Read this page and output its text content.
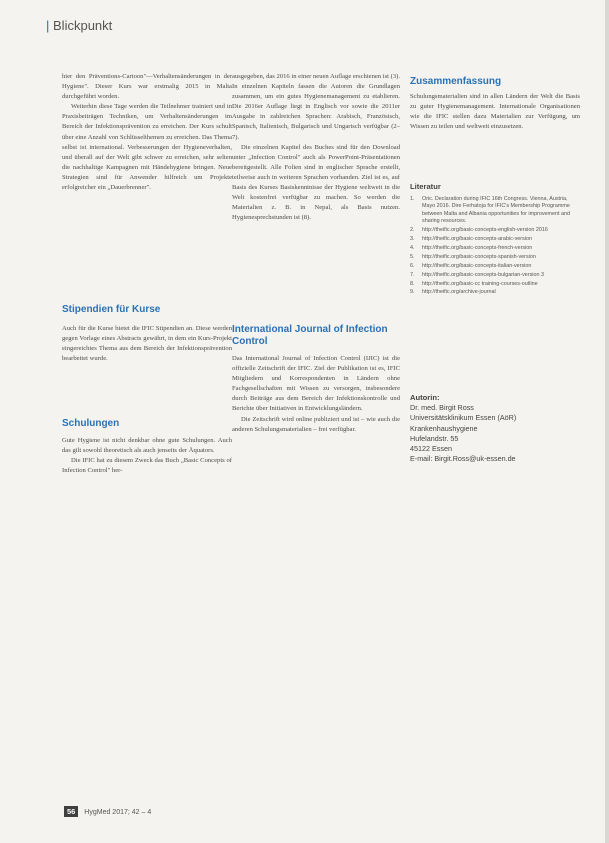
| Blickpunkt

hier den Präventions-Cartoon"—Verhaltensänderungen in der Hygiene". Dieser Kurs war erstmalig 2015 in Malta durchgeführt worden.

Weiterhin diese Tage werden die Teilnehmer trainiert und in Praxisbeiträgen Techniken, um Verhaltensänderungen im Bereich der Infektionsprävention zu erreichen. Der Kurs schult über eine Anzahl von Schlüsselthemen zu erreichen. Das Thema selbst ist international. Verbesserungen der Hygieneverhalten, und überall auf der Welt gibt schwer zu erreichen, sehr selten die nachhaltige Kampagnen mit Händehygiene bringen. Neue Strategien sind für Anwender hilfreich um Projekte erfolgreicher ein „Dauerbrenner".

Stipendien für Kurse

Auch für die Kurse bietet die IFIC Stipendien an. Diese werden gegen Vorlage eines Abstracts gewährt, in dem ein Kurs-Projekt eingereichtes Thema aus dem Bereich der Infektionsprävention bearbeitet wurde.

Schulungen

Gute Hygiene ist nicht denkbar ohne gute Schulungen. Auch das gilt sowohl theoretisch als auch jenseits der Äquators.

Die IFIC hat zu diesem Zweck das Buch „Basic Concepts of Infection Control" her-

ausgegeben, das 2016 in einer neuen Auflage erschienen ist (3). In einzelnen Kapiteln fassen die Autoren die Grundlagen zusammen, um ein gutes Hygienemanagement zu etablieren. Die 2016er Auflage liegt in Englisch vor sowie die 2011er Ausgabe in zahlreichen Sprachen: Arabisch, Französisch, Spanisch, Italienisch, Bulgarisch und Ungarisch verfügbar (2–7).

Die einzelnen Kapitel des Buches sind für den Download unter „Infection Control" auch als PowerPoint-Präsentationen bereitgestellt. Alle Folien sind in englischer Sprache erstellt, teilweise auch in weiteren Sprachen vorhanden. Ziel ist es, auf Basis des Kurses Basiskenntnisse der Hygiene weltweit in die Welt kostenfrei verfügbar zu machen. So werden die Materialien z. B. in Nepal, als Basis nutzen. Hygienesprechstunden ist (8).

International Journal of Infection Control

Das International Journal of Infection Control (IJIC) ist die offizielle Zeitschrift der IFIC. Ziel der Publikation ist es, IFIC Mitgliedern und Korrespondenten in Ländern ohne Fachgesellschaften mit Wissen zu versorgen, insbesondere durch Beiträge aus dem Bereich der Infektionskontrolle und Berichte über Initiativen in Entwicklungsländern.

Die Zeitschrift wird online publiziert und ist – wie auch die anderen Schulungsmaterialien – frei verfügbar.

Zusammenfassung

Schulungsmaterialien sind in allen Ländern der Welt die Basis zu guter Hygienemanagement. Internationale Organisationen wie die IFIC stellen dazu Materialien zur Verfügung, um Wissen zu teilen und weltweit einzusetzen.

Literatur
1. Oric. Declaration during IFIC 16th Congress. Vienna, Austria, Mayo 2016. Dire Ferhatoja for IFIC's Membership Programme between Malta and Albania opportunities for improvement and sharing resources.
2. http://theific.org/basic-concepts-english-version 2016
3. http://theific.org/basic-concepts-arabic-version
4. http://theific.org/basic-concepts-french-version
5. http://theific.org/basic-concepts-spanish-version
6. http://theific.org/basic-concepts-italian-version
7. http://theific.org/basic-concepts-bulgarian-version 3
8. http://theific.org/basic-cc training-courses-outline
9. http://theific.org/archive-journal
Autorin:
Dr. med. Birgit Ross
Universitätsklinikum Essen (AöR)
Krankenhaushygiene
Hufelandstr. 55
45122 Essen
E-mail: Birgit.Ross@uk-essen.de
56 HygMed 2017; 42 – 4
